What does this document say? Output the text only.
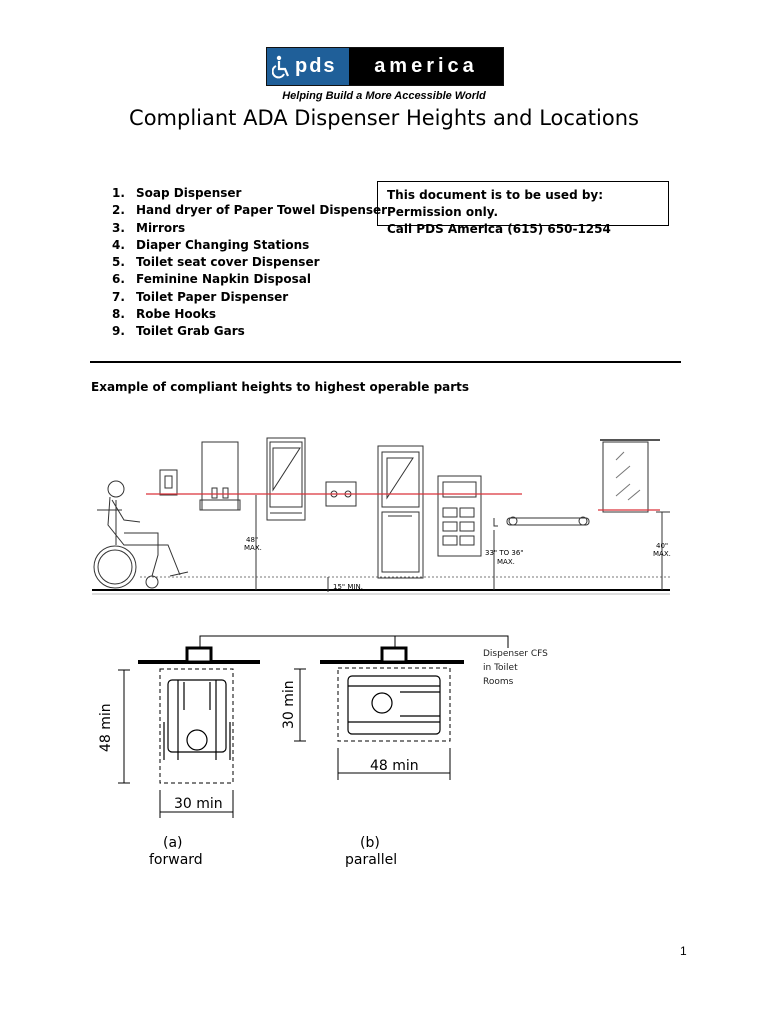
pds america
Helping Build a More Accessible World
Compliant ADA Dispenser Heights and Locations
1. Soap Dispenser
2. Hand dryer of Paper Towel Dispenser
3. Mirrors
4. Diaper Changing Stations
5. Toilet seat cover Dispenser
6. Feminine Napkin Disposal
7. Toilet Paper Dispenser
8. Robe Hooks
9. Toilet Grab Gars
This document is to be used by: Permission only.
Call PDS America (615) 650-1254
Example of compliant heights to highest operable parts
48"
MAX.
15" MIN.
33" TO 36"
MAX.
40"
MAX.
Dispenser CFS
in Toilet
Rooms
48 min
30 min
30 min
48 min
(a)
forward
(b)
parallel
1
